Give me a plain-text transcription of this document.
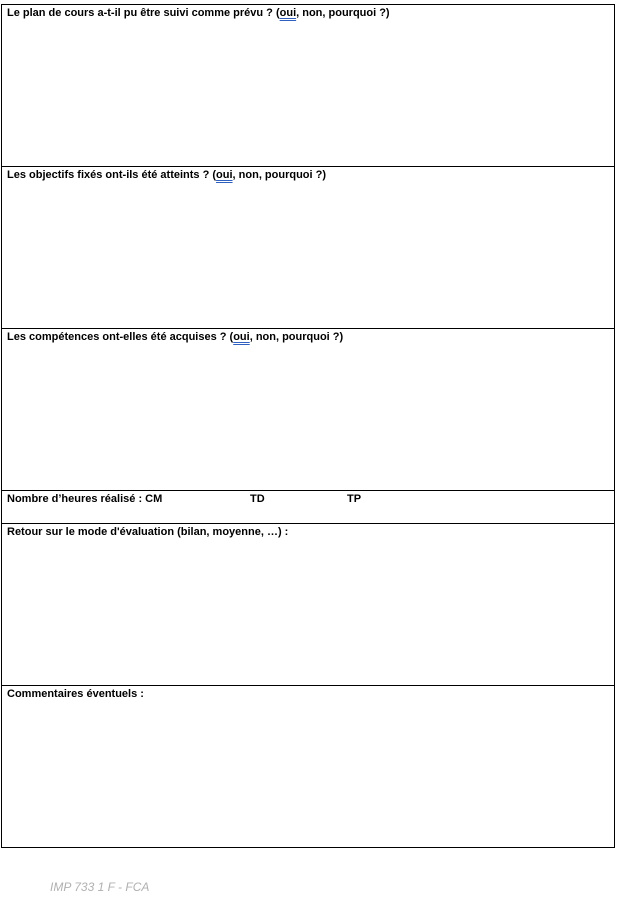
Le plan de cours a-t-il pu être suivi comme prévu ? (oui, non, pourquoi ?)

Les objectifs fixés ont-ils été atteints ? (oui, non, pourquoi ?)

Les compétences ont-elles été acquises ? (oui, non, pourquoi ?)

Nombre d’heures réalisé : CM	TD	TP

Retour sur le mode d'évaluation (bilan, moyenne, …) :

Commentaires éventuels :
IMP 733 1 F - FCA
